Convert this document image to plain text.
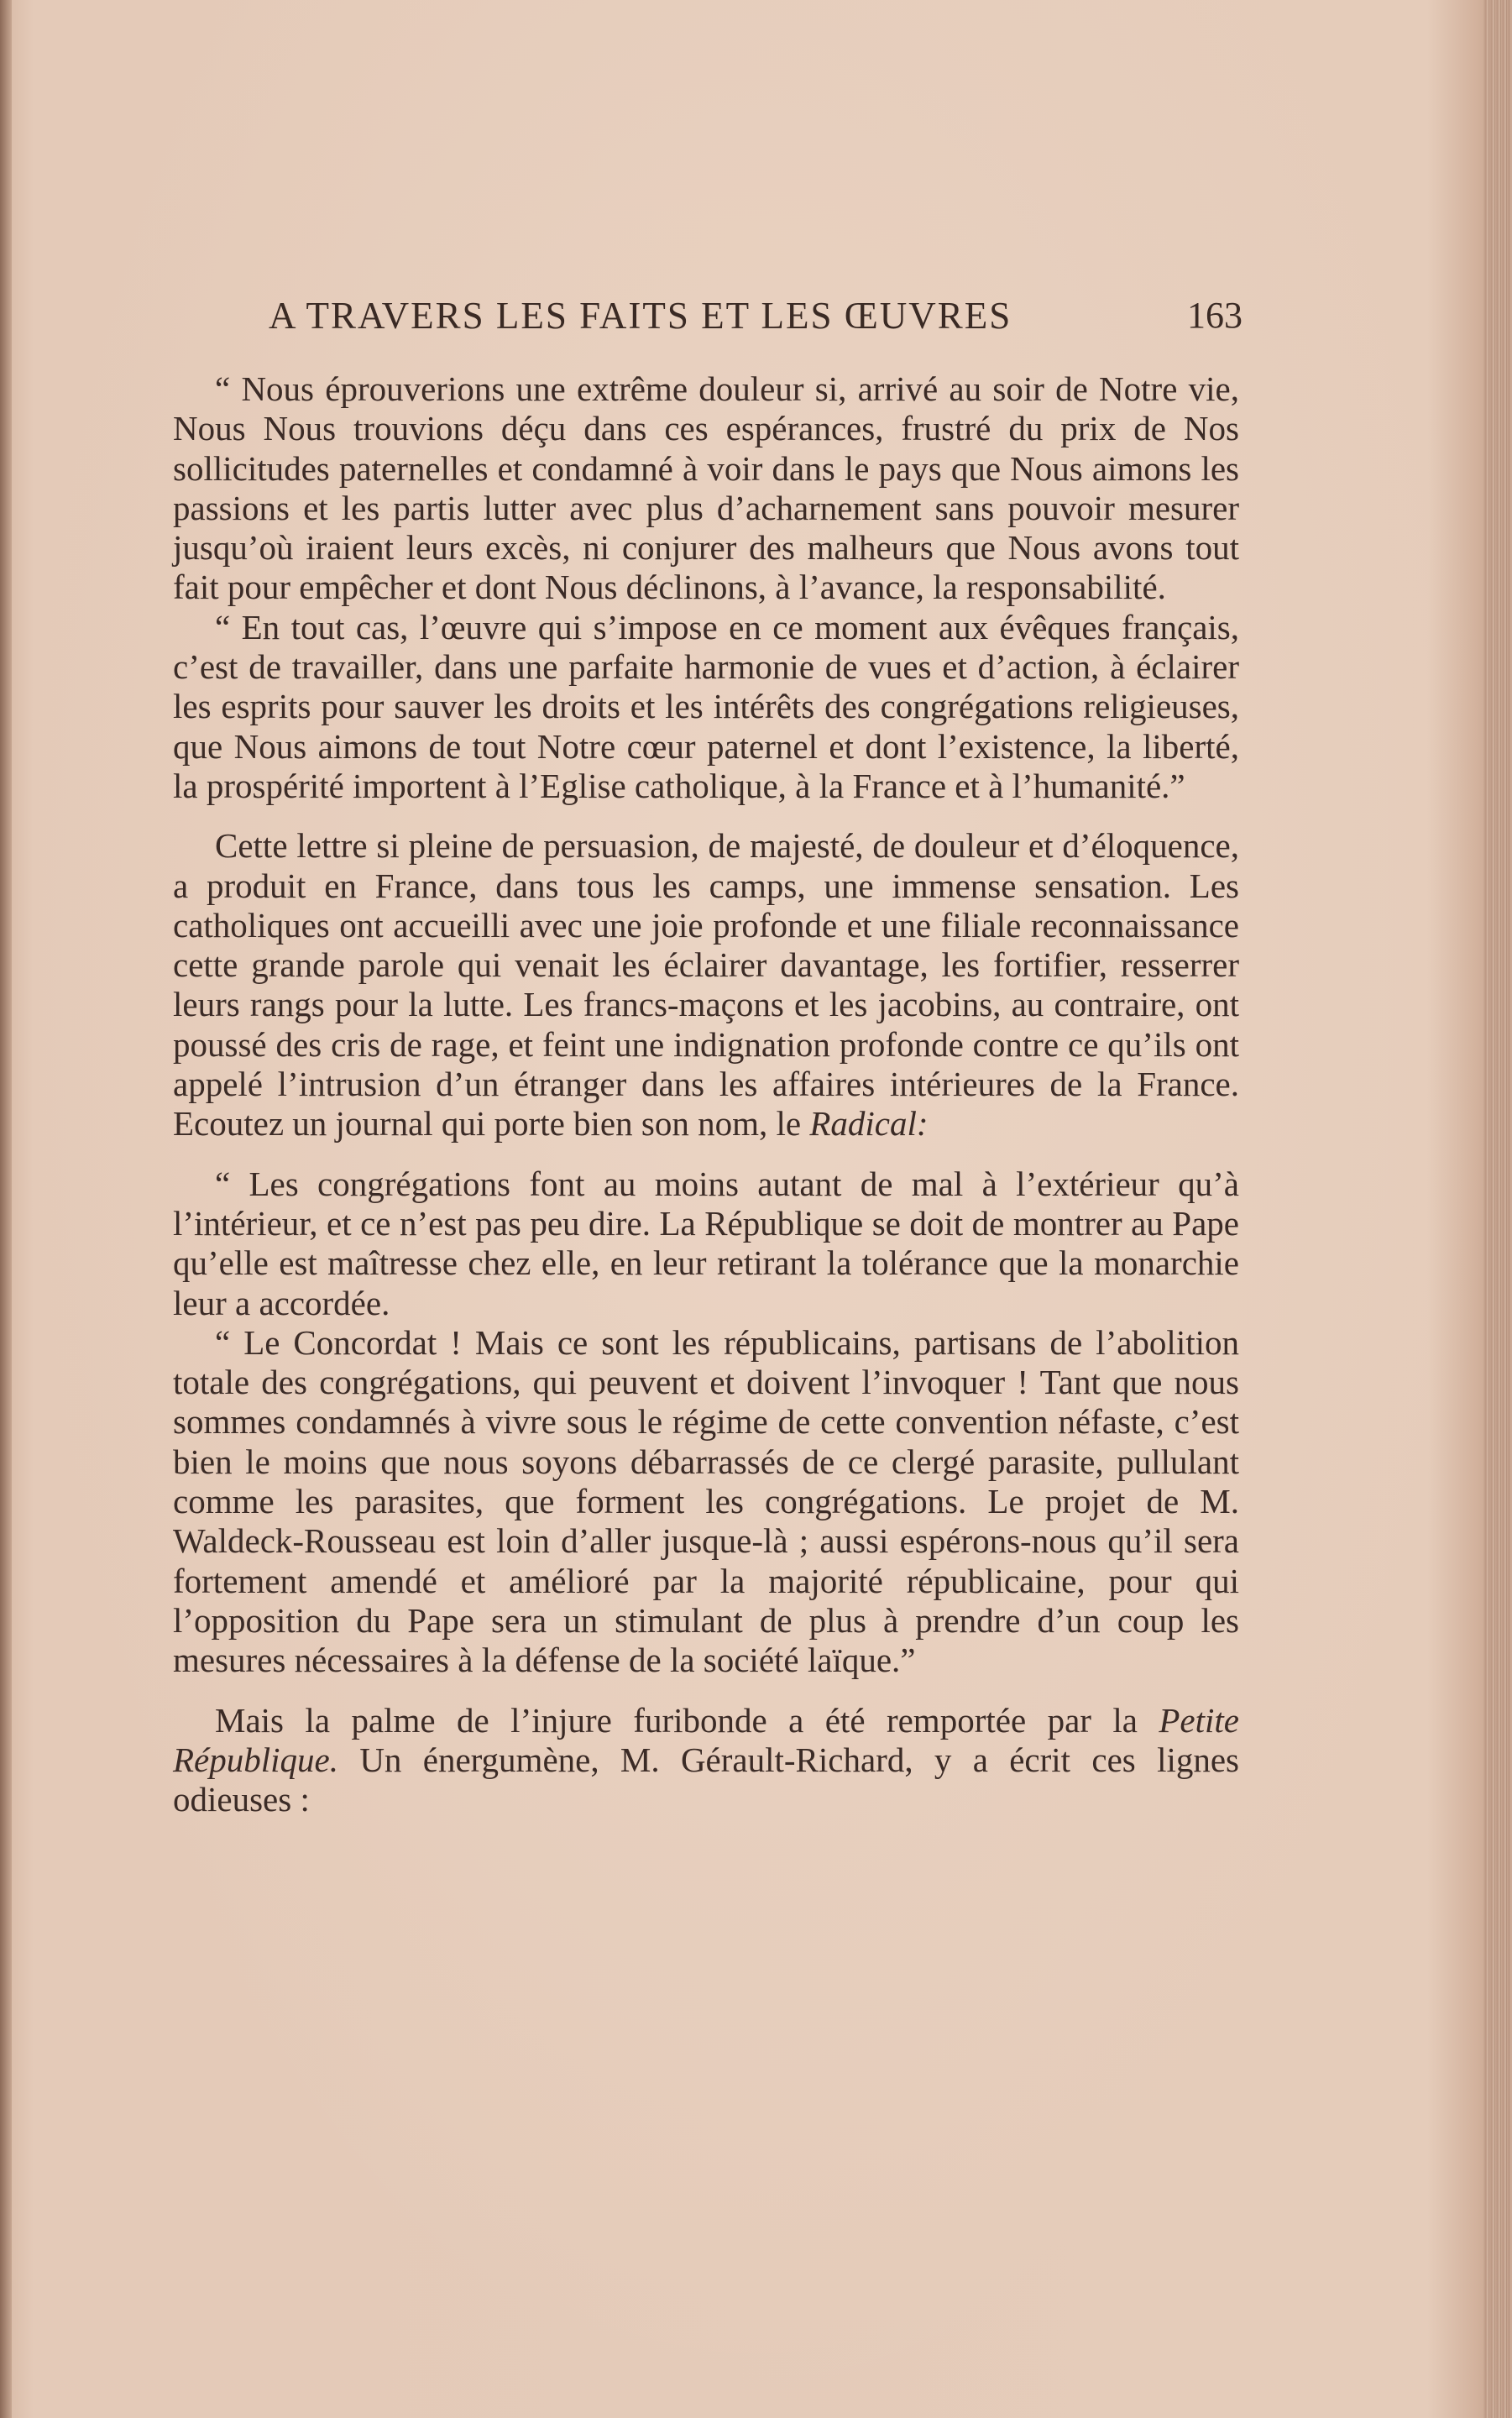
A TRAVERS LES FAITS ET LES ŒUVRES	163

“ Nous éprouverions une extrême douleur si, arrivé au soir de Notre vie, Nous Nous trouvions déçu dans ces espérances, frustré du prix de Nos sollicitudes paternelles et condamné à voir dans le pays que Nous aimons les passions et les partis lutter avec plus d’acharnement sans pouvoir mesurer jusqu’où iraient leurs excès, ni conjurer des malheurs que Nous avons tout fait pour empêcher et dont Nous déclinons, à l’avance, la responsabilité.

“ En tout cas, l’œuvre qui s’impose en ce moment aux évêques français, c’est de travailler, dans une parfaite harmonie de vues et d’action, à éclairer les esprits pour sauver les droits et les intérêts des congrégations religieuses, que Nous aimons de tout Notre cœur paternel et dont l’existence, la liberté, la prospérité importent à l’Eglise catholique, à la France et à l’humanité.”

Cette lettre si pleine de persuasion, de majesté, de douleur et d’éloquence, a produit en France, dans tous les camps, une immense sensation. Les catholiques ont accueilli avec une joie profonde et une filiale reconnaissance cette grande parole qui venait les éclairer davantage, les fortifier, resserrer leurs rangs pour la lutte. Les francs-maçons et les jacobins, au contraire, ont poussé des cris de rage, et feint une indignation profonde contre ce qu’ils ont appelé l’intrusion d’un étranger dans les affaires intérieures de la France. Ecoutez un journal qui porte bien son nom, le Radical:

“ Les congrégations font au moins autant de mal à l’extérieur qu’à l’intérieur, et ce n’est pas peu dire. La République se doit de montrer au Pape qu’elle est maîtresse chez elle, en leur retirant la tolérance que la monarchie leur a accordée.

“ Le Concordat ! Mais ce sont les républicains, partisans de l’abolition totale des congrégations, qui peuvent et doivent l’invoquer ! Tant que nous sommes condamnés à vivre sous le régime de cette convention néfaste, c’est bien le moins que nous soyons débarrassés de ce clergé parasite, pullulant comme les parasites, que forment les congrégations. Le projet de M. Waldeck-Rousseau est loin d’aller jusque-là ; aussi espérons-nous qu’il sera fortement amendé et amélioré par la majorité républicaine, pour qui l’opposition du Pape sera un stimulant de plus à prendre d’un coup les mesures nécessaires à la défense de la société laïque.”

Mais la palme de l’injure furibonde a été remportée par la Petite République. Un énergumène, M. Gérault-Richard, y a écrit ces lignes odieuses :
